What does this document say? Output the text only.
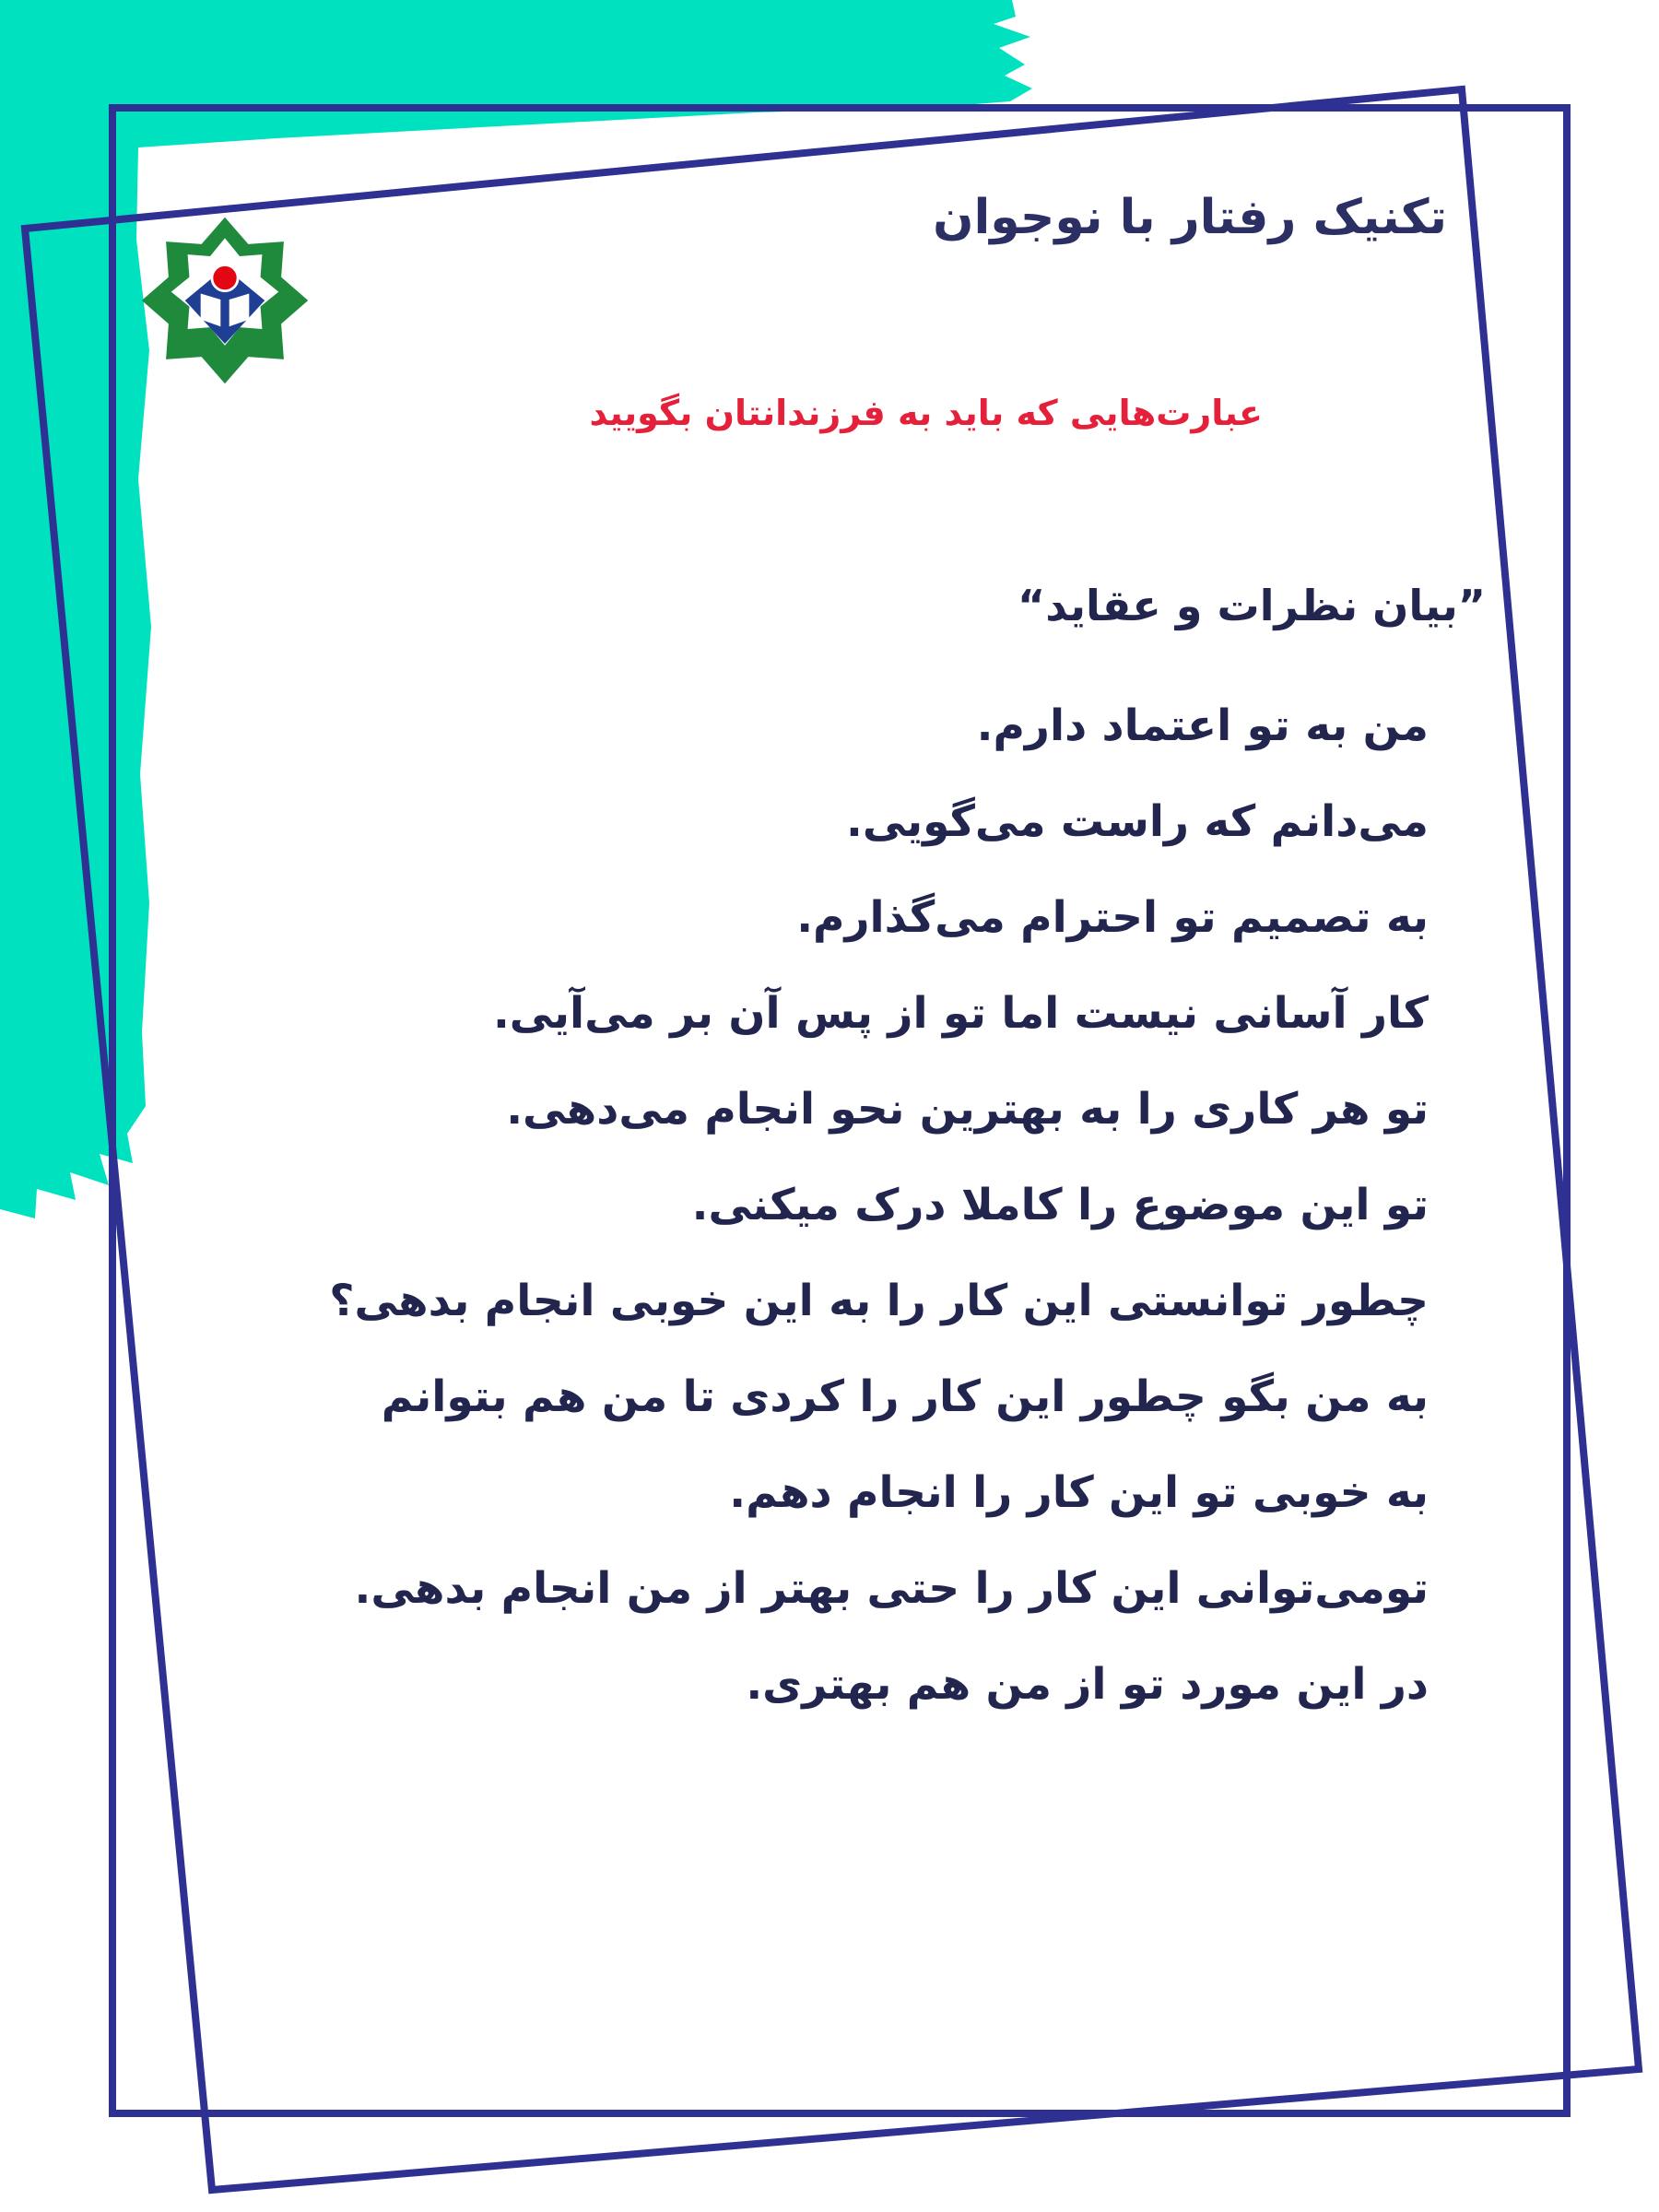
تکنیک رفتار با نوجوان
عبارت‌هایی که باید به فرزندانتان بگویید
”بیان نظرات و عقاید“
من به تو اعتماد دارم.
می‌دانم که راست می‌گویی.
به تصمیم تو احترام می‌گذارم.
کار آسانی نیست اما تو از پس آن بر می‌آیی.
تو هر کاری را به بهترین نحو انجام می‌دهی.
تو این موضوع را کاملا درک میکنی.
چطور توانستی این کار را به این خوبی انجام بدهی؟
به من بگو چطور این کار را کردی تا من هم بتوانم
به خوبی تو این کار را انجام دهم.
تومی‌توانی این کار را حتی بهتر از من انجام بدهی.
در این مورد تو از من هم بهتری.
